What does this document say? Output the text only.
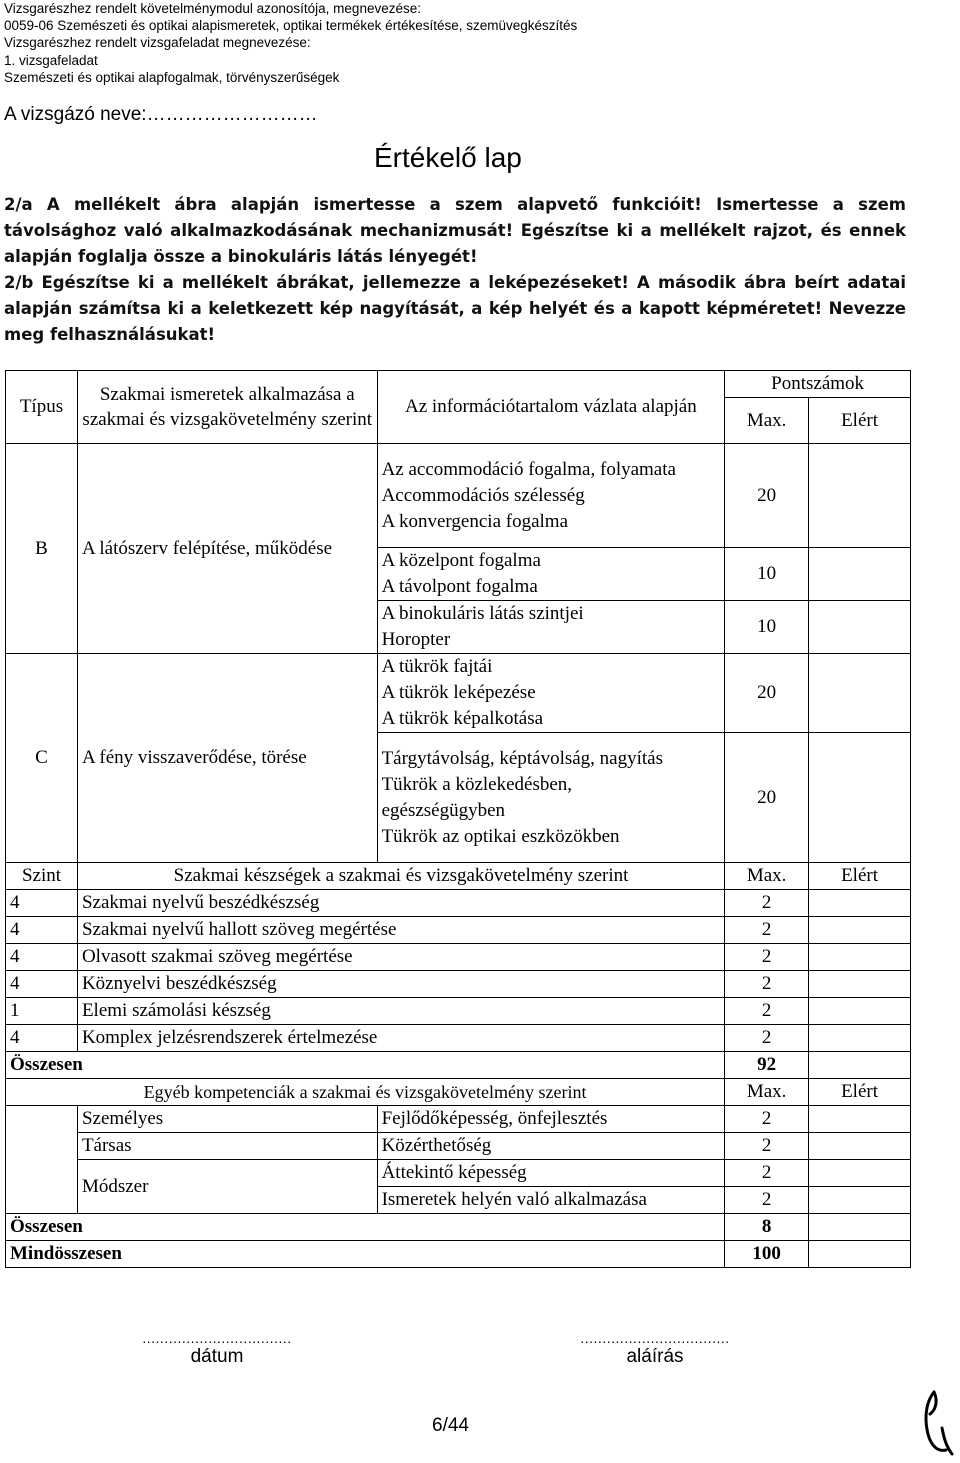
Vizsgarészhez rendelt követelménymodul azonosítója, megnevezése:
0059-06 Szemészeti és optikai alapismeretek, optikai termékek értékesítése, szemüvegkészítés
Vizsgarészhez rendelt vizsgafeladat megnevezése:
1. vizsgafeladat
Szemészeti és optikai alapfogalmak, törvényszerűségek
A vizsgázó neve:………………………
Értékelő lap

2/a A mellékelt ábra alapján ismertesse a szem alapvető funkcióit! Ismertesse a szem távolsághoz való alkalmazkodásának mechanizmusát! Egészítse ki a mellékelt rajzot, és ennek alapján foglalja össze a binokuláris látás lényegét!

2/b Egészítse ki a mellékelt ábrákat, jellemezze a leképezéseket! A második ábra beírt adatai alapján számítsa ki a keletkezett kép nagyítását, a kép helyét és a kapott képméretet! Nevezze meg felhasználásukat!

Típus	Szakmai ismeretek alkalmazása a szakmai és vizsgakövetelmény szerint	Az információtartalom vázlata alapján	Pontszámok	
			Max.	Elért
B	A látószerv felépítése, működése	Az accommodáció fogalma, folyamata
Accommodációs szélesség
A konvergencia fogalma	20	

		A közelpont fogalma
A távolpont fogalma	10	

		A binokuláris látás szintjei
Horopter	10	
C	A fény visszaverődése, törése	A tükrök fajtái
A tükrök leképezése
A tükrök képalkotása	20	

		Tárgytávolság, képtávolság, nagyítás
Tükrök a közlekedésben, egészségügyben
Tükrök az optikai eszközökben	20	
Szint	Szakmai készségek a szakmai és vizsgakövetelmény szerint		Max.	Elért
4	Szakmai nyelvű beszédkészség		2	
4	Szakmai nyelvű hallott szöveg megértése		2	
4	Olvasott szakmai szöveg megértése		2	
4	Köznyelvi beszédkészség		2	
1	Elemi számolási készség		2	
4	Komplex jelzésrendszerek értelmezése		2	
Összesen			92	
Egyéb kompetenciák a szakmai és vizsgakövetelmény szerint			Max.	Elért
	Személyes	Fejlődőképesség, önfejlesztés	2	
	Társas	Közérthetőség	2	
	Módszer	Áttekintő képesség	2	
		Ismeretek helyén való alkalmazása	2	
Összesen			8	
Mindösszesen			100	
..................................
dátum
..................................
aláírás
6/44
